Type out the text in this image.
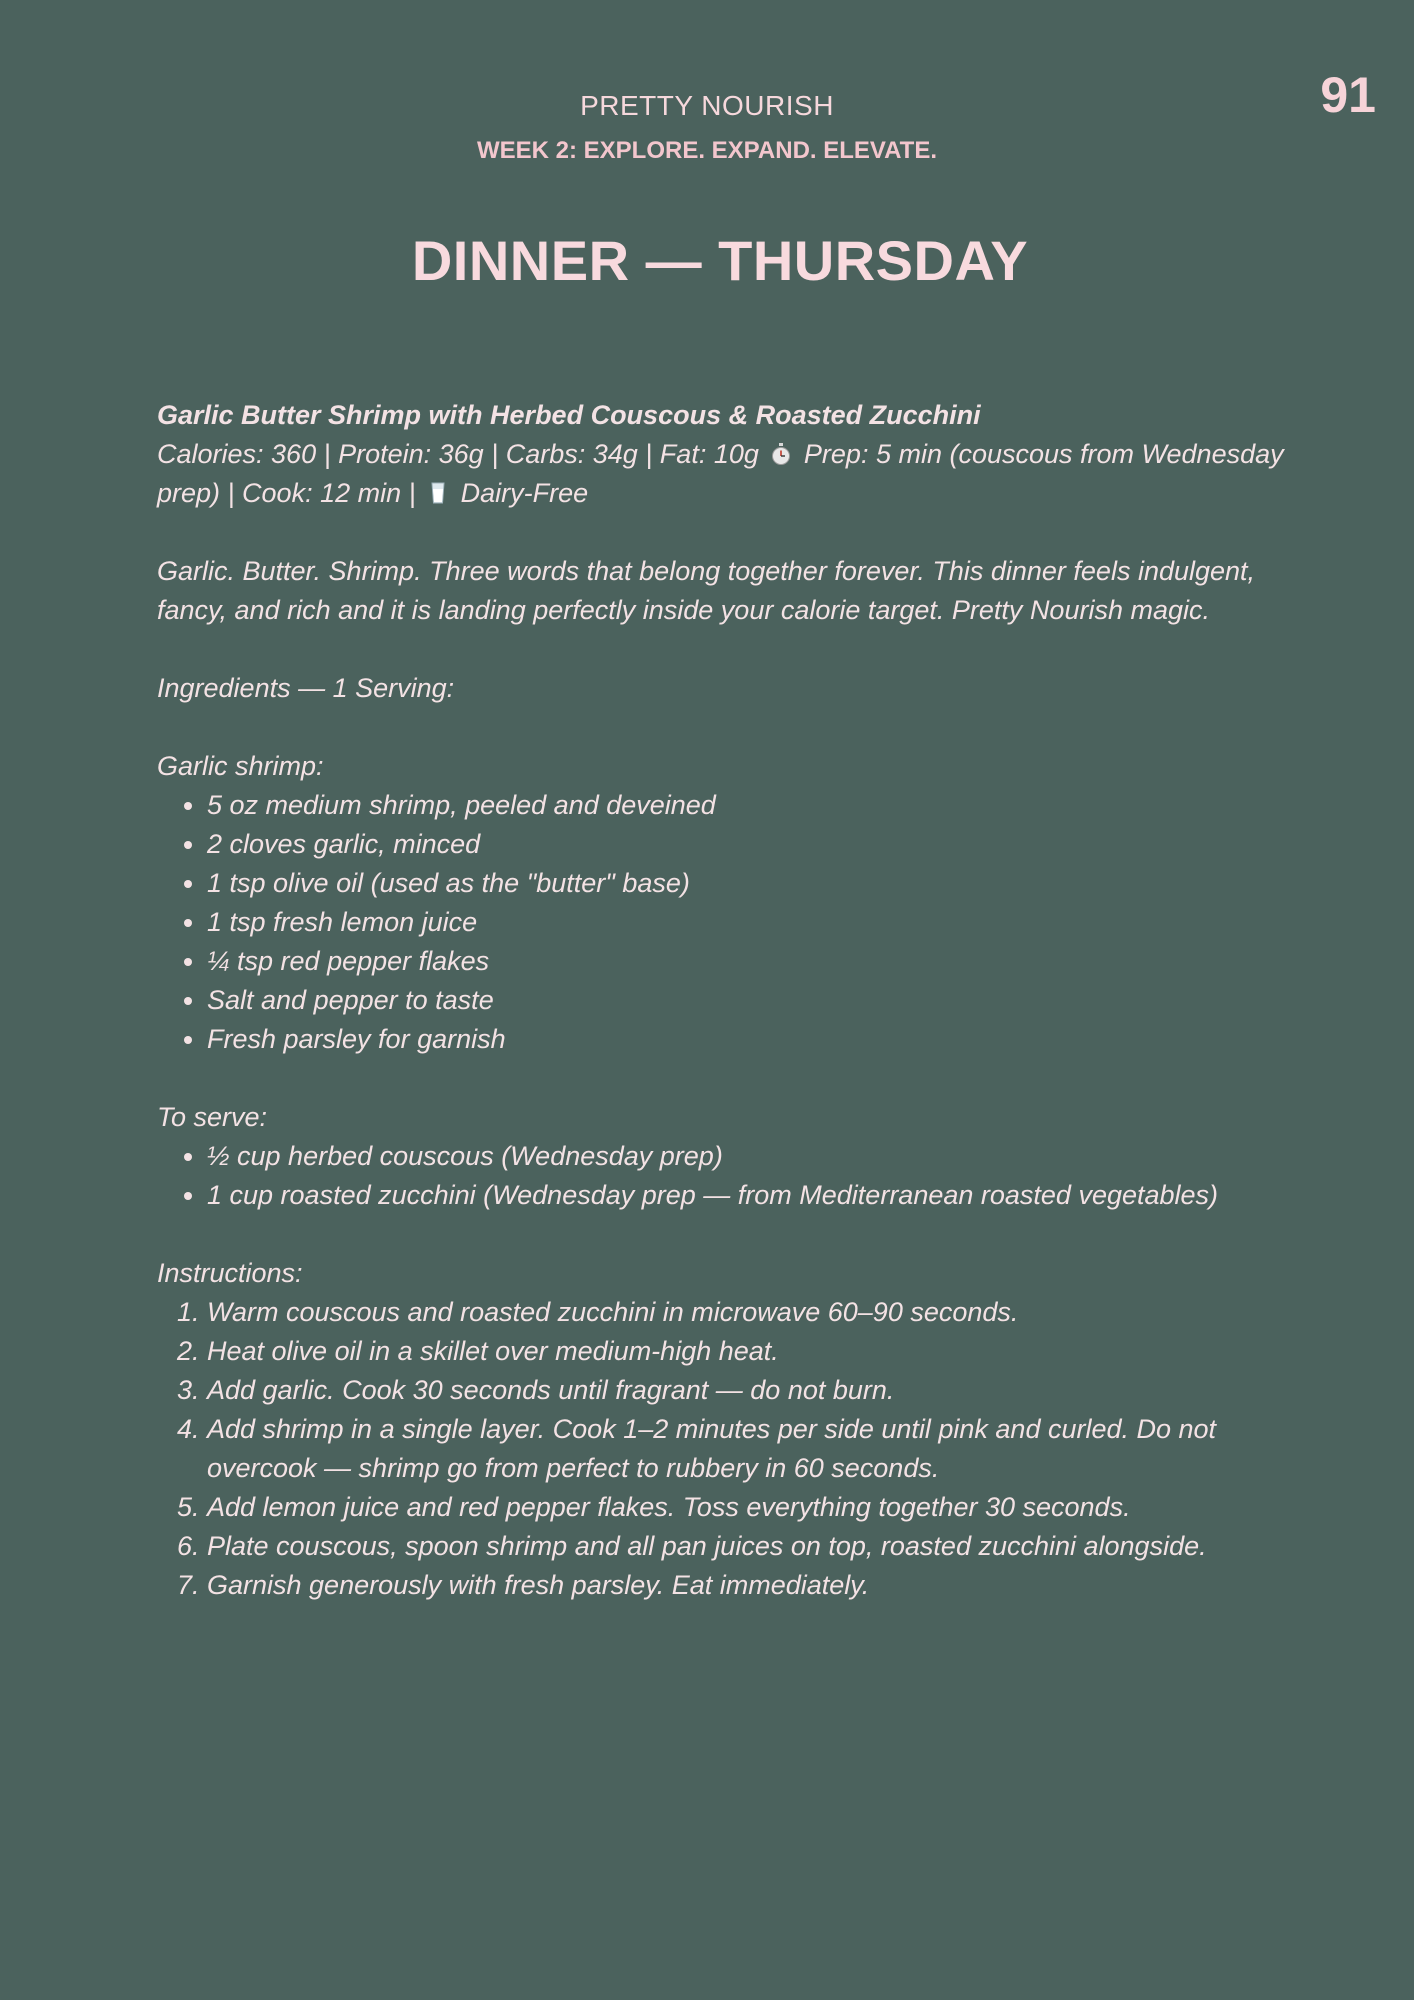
91
PRETTY NOURISH
WEEK 2: EXPLORE. EXPAND. ELEVATE.
DINNER — THURSDAY

Garlic Butter Shrimp with Herbed Couscous & Roasted Zucchini

Calories: 360 | Protein: 36g | Carbs: 34g | Fat: 10g Prep: 5 min (couscous from Wednesday prep) | Cook: 12 min | Dairy-Free

Garlic. Butter. Shrimp. Three words that belong together forever. This dinner feels indulgent, fancy, and rich and it is landing perfectly inside your calorie target. Pretty Nourish magic.

Ingredients — 1 Serving:

Garlic shrimp:

• 5 oz medium shrimp, peeled and deveined
• 2 cloves garlic, minced
• 1 tsp olive oil (used as the "butter" base)
• 1 tsp fresh lemon juice
• ¼ tsp red pepper flakes
• Salt and pepper to taste
• Fresh parsley for garnish

To serve:

• ½ cup herbed couscous (Wednesday prep)
• 1 cup roasted zucchini (Wednesday prep — from Mediterranean roasted vegetables)

Instructions:

1. Warm couscous and roasted zucchini in microwave 60–90 seconds.
2. Heat olive oil in a skillet over medium-high heat.
3. Add garlic. Cook 30 seconds until fragrant — do not burn.
4. Add shrimp in a single layer. Cook 1–2 minutes per side until pink and curled. Do not overcook — shrimp go from perfect to rubbery in 60 seconds.
5. Add lemon juice and red pepper flakes. Toss everything together 30 seconds.
6. Plate couscous, spoon shrimp and all pan juices on top, roasted zucchini alongside.
7. Garnish generously with fresh parsley. Eat immediately.
